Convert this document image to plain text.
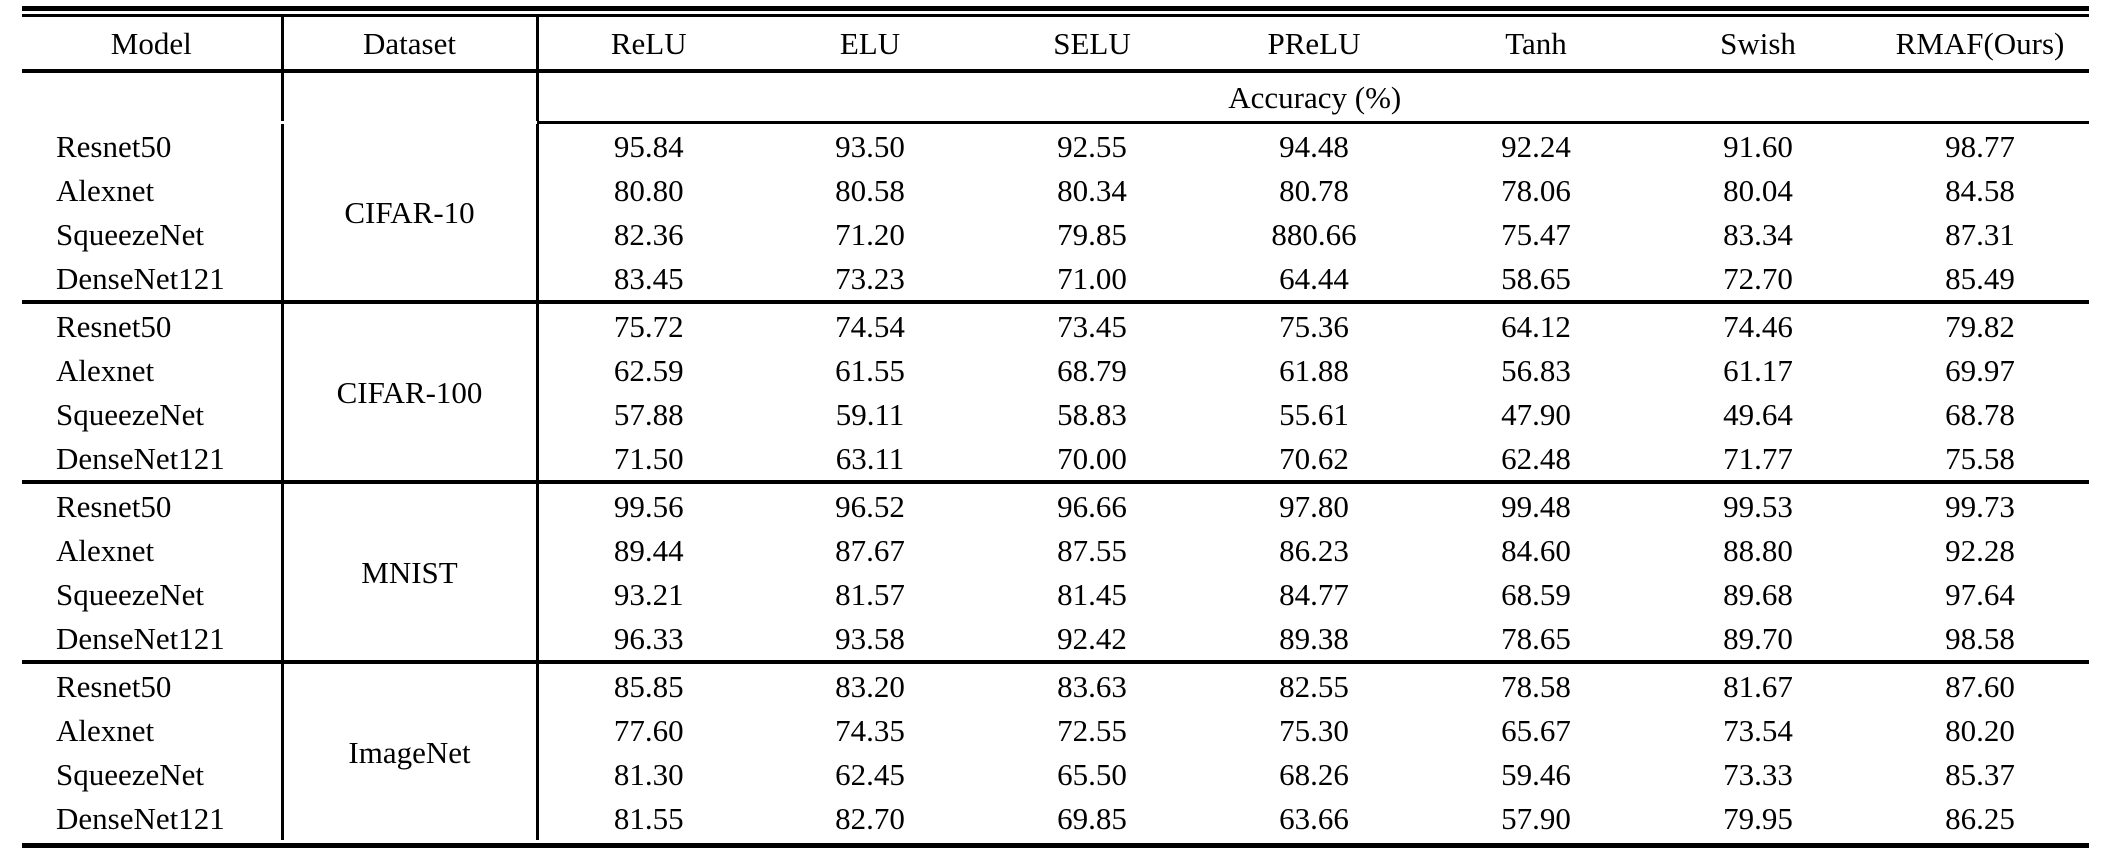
Model	Dataset	ReLU	ELU	SELU	PReLU	Tanh	Swish	RMAF(Ours)
		Accuracy (%)
Resnet50	CIFAR-10	95.84	93.50	92.55	94.48	92.24	91.60	98.77
Alexnet		80.80	80.58	80.34	80.78	78.06	80.04	84.58
SqueezeNet		82.36	71.20	79.85	880.66	75.47	83.34	87.31
DenseNet121		83.45	73.23	71.00	64.44	58.65	72.70	85.49
Resnet50	CIFAR-100	75.72	74.54	73.45	75.36	64.12	74.46	79.82
Alexnet		62.59	61.55	68.79	61.88	56.83	61.17	69.97
SqueezeNet		57.88	59.11	58.83	55.61	47.90	49.64	68.78
DenseNet121		71.50	63.11	70.00	70.62	62.48	71.77	75.58
Resnet50	MNIST	99.56	96.52	96.66	97.80	99.48	99.53	99.73
Alexnet		89.44	87.67	87.55	86.23	84.60	88.80	92.28
SqueezeNet		93.21	81.57	81.45	84.77	68.59	89.68	97.64
DenseNet121		96.33	93.58	92.42	89.38	78.65	89.70	98.58
Resnet50	ImageNet	85.85	83.20	83.63	82.55	78.58	81.67	87.60
Alexnet		77.60	74.35	72.55	75.30	65.67	73.54	80.20
SqueezeNet		81.30	62.45	65.50	68.26	59.46	73.33	85.37
DenseNet121		81.55	82.70	69.85	63.66	57.90	79.95	86.25
